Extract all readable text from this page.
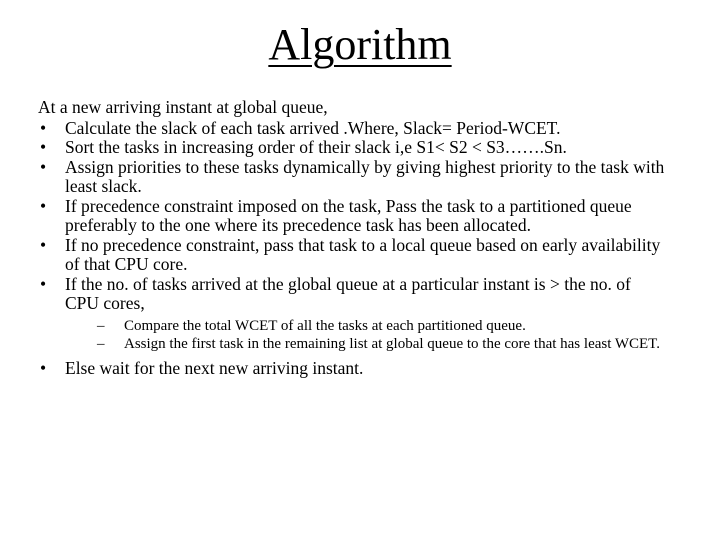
Algorithm
At a new arriving instant at global queue,
• Calculate the slack of each task arrived .Where, Slack= Period-WCET.
• Sort the tasks in increasing order of their slack i,e S1< S2 < S3…….Sn.
• Assign priorities to these tasks dynamically by giving highest priority to the task with least slack.
• If precedence constraint imposed on the task, Pass the task to a partitioned queue preferably to the one where its precedence task has been allocated.
• If no precedence constraint, pass that task to a local queue based on early availability of that CPU core.
• If the no. of tasks arrived at the global queue at a particular instant is > the no. of CPU cores,
– Compare the total WCET of all the tasks at each partitioned queue.
– Assign the first task in the remaining list at global queue to the core that has least WCET.
• Else wait for the next new arriving instant.
